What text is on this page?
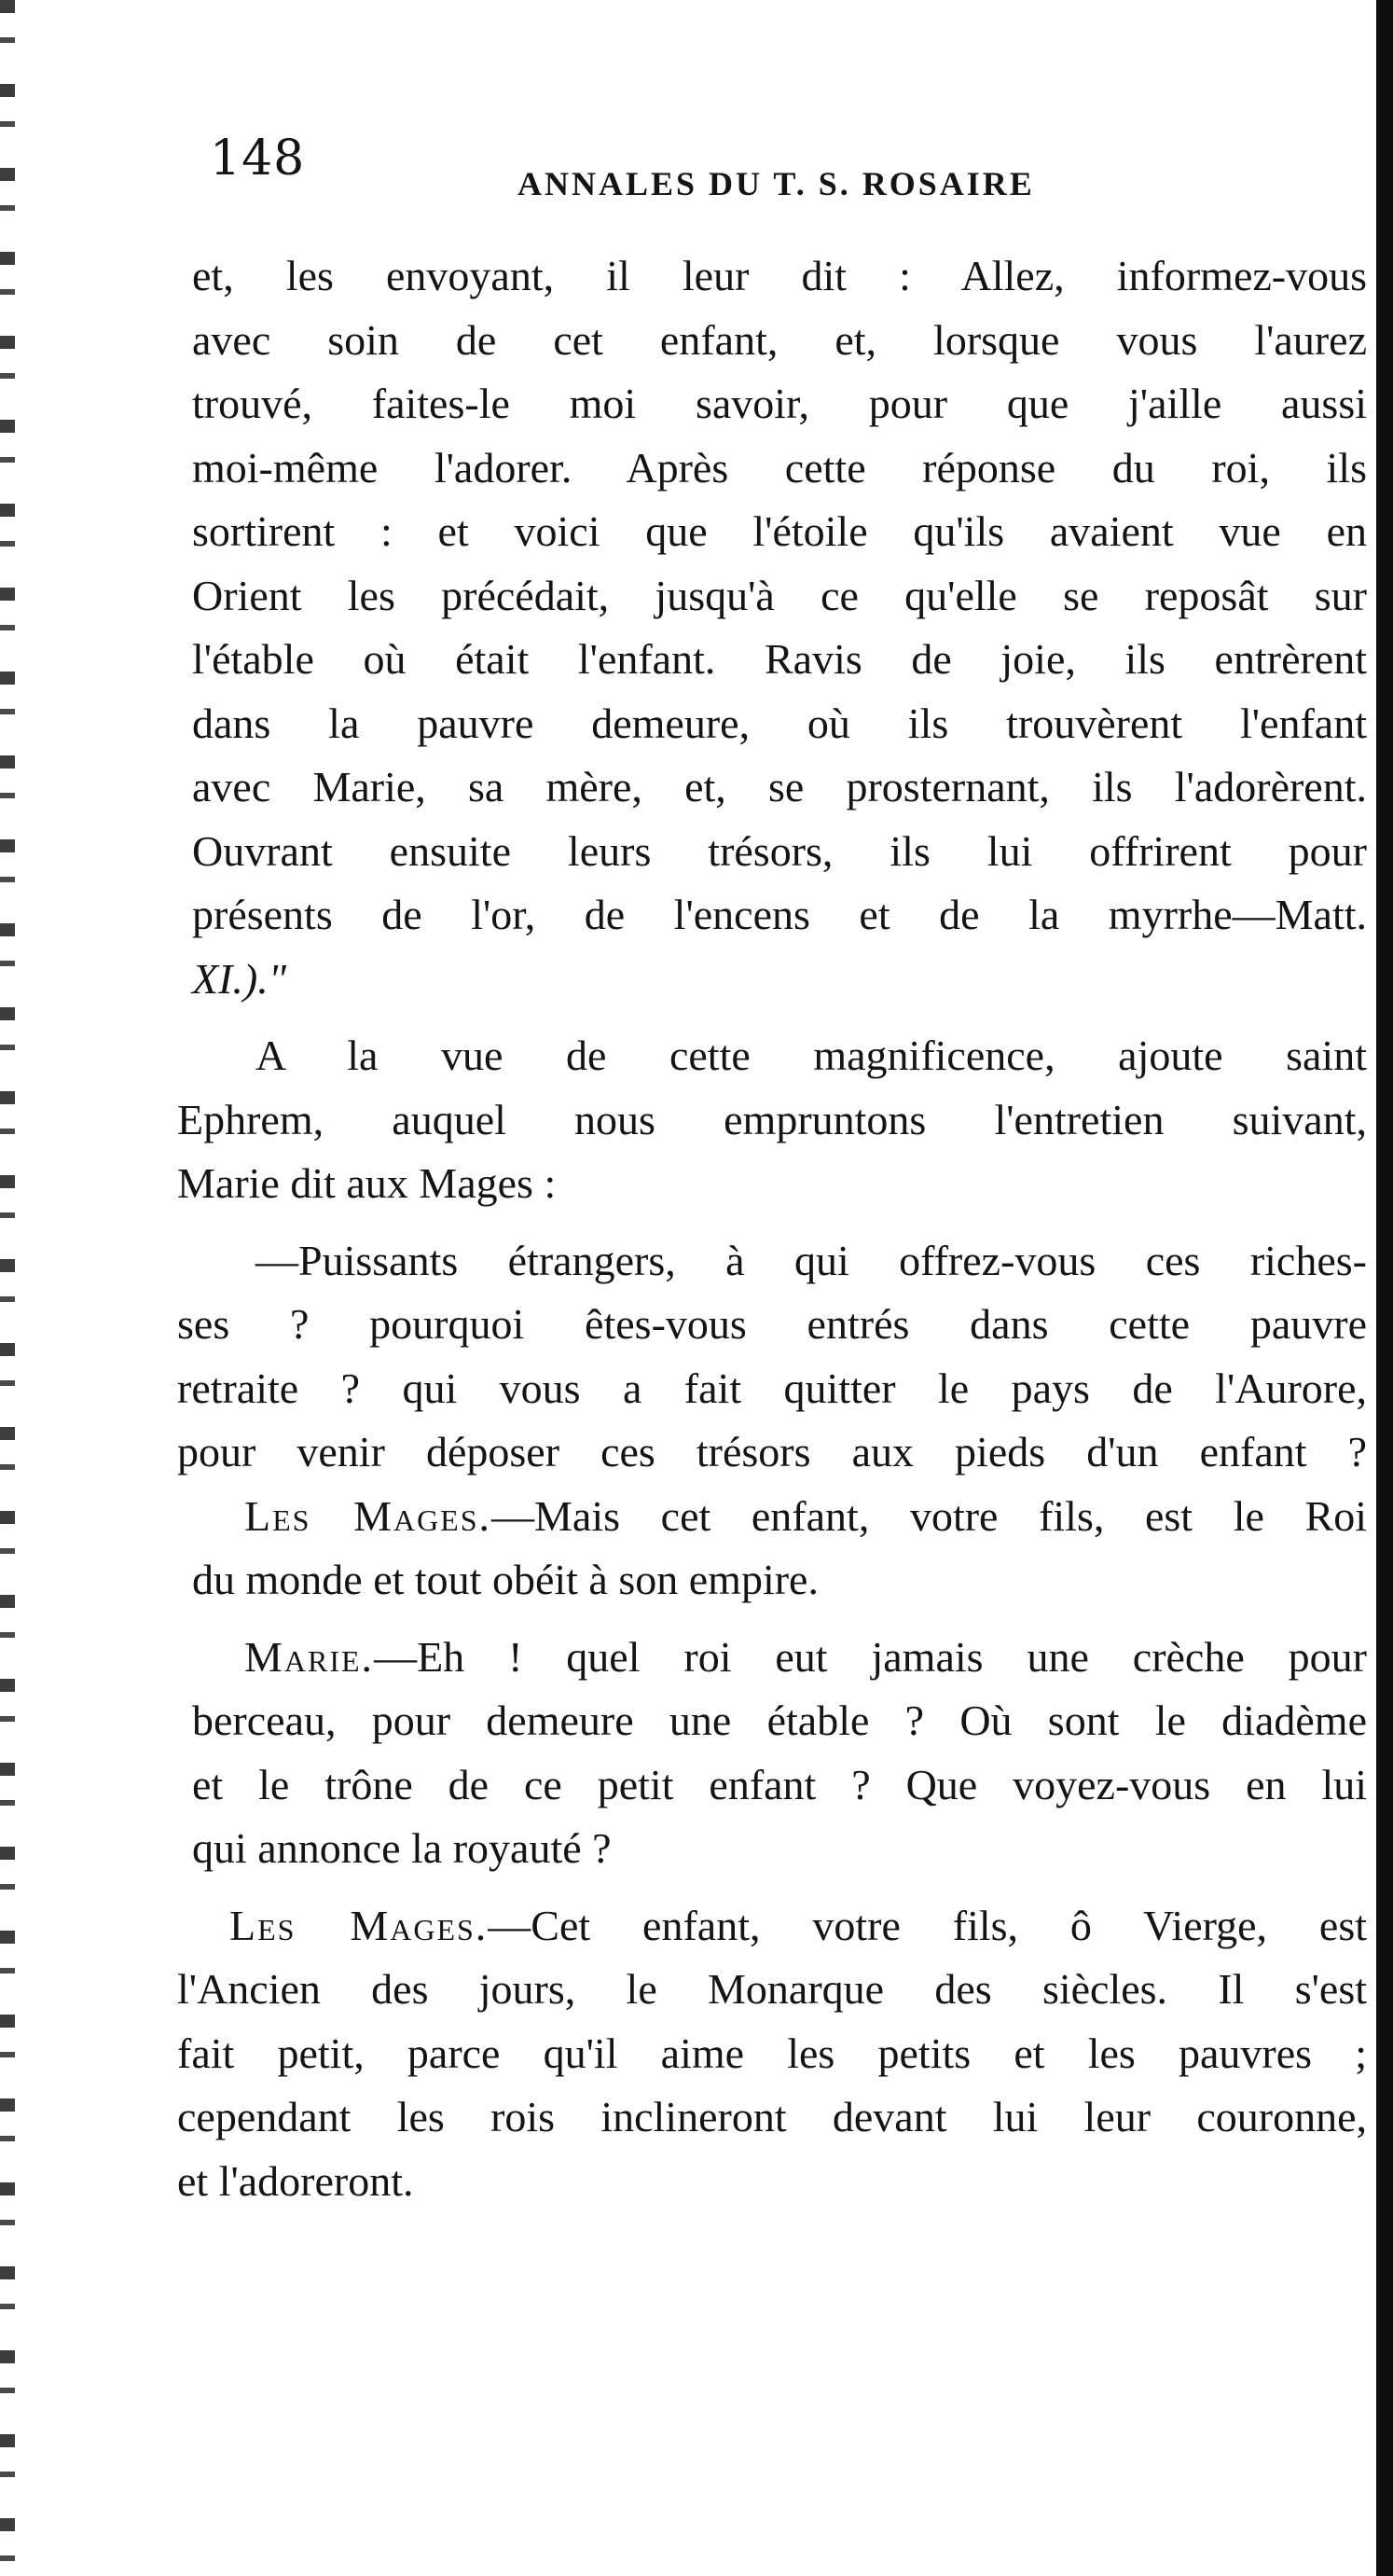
148	ANNALES DU T. S. ROSAIRE
et, les envoyant, il leur dit : Allez, informez-vous
avec soin de cet enfant, et, lorsque vous l'aurez
trouvé, faites-le moi savoir, pour que j'aille aussi
moi-même l'adorer. Après cette réponse du roi, ils
sortirent : et voici que l'étoile qu'ils avaient vue en
Orient les précédait, jusqu'à ce qu'elle se reposât sur
l'étable où était l'enfant. Ravis de joie, ils entrèrent
dans la pauvre demeure, où ils trouvèrent l'enfant
avec Marie, sa mère, et, se prosternant, ils l'adorèrent.
Ouvrant ensuite leurs trésors, ils lui offrirent pour
présents de l'or, de l'encens et de la myrrhe—Matt.
XI.)."
A la vue de cette magnificence, ajoute saint
Ephrem, auquel nous empruntons l'entretien suivant,
Marie dit aux Mages :
—Puissants étrangers, à qui offrez-vous ces riches-
ses ? pourquoi êtes-vous entrés dans cette pauvre
retraite ? qui vous a fait quitter le pays de l'Aurore,
pour venir déposer ces trésors aux pieds d'un enfant ?
Les Mages.—Mais cet enfant, votre fils, est le Roi
du monde et tout obéit à son empire.
Marie.—Eh ! quel roi eut jamais une crèche pour
berceau, pour demeure une étable ? Où sont le diadème
et le trône de ce petit enfant ? Que voyez-vous en lui
qui annonce la royauté ?
Les Mages.—Cet enfant, votre fils, ô Vierge, est
l'Ancien des jours, le Monarque des siècles. Il s'est
fait petit, parce qu'il aime les petits et les pauvres ;
cependant les rois inclineront devant lui leur couronne,
et l'adoreront.
